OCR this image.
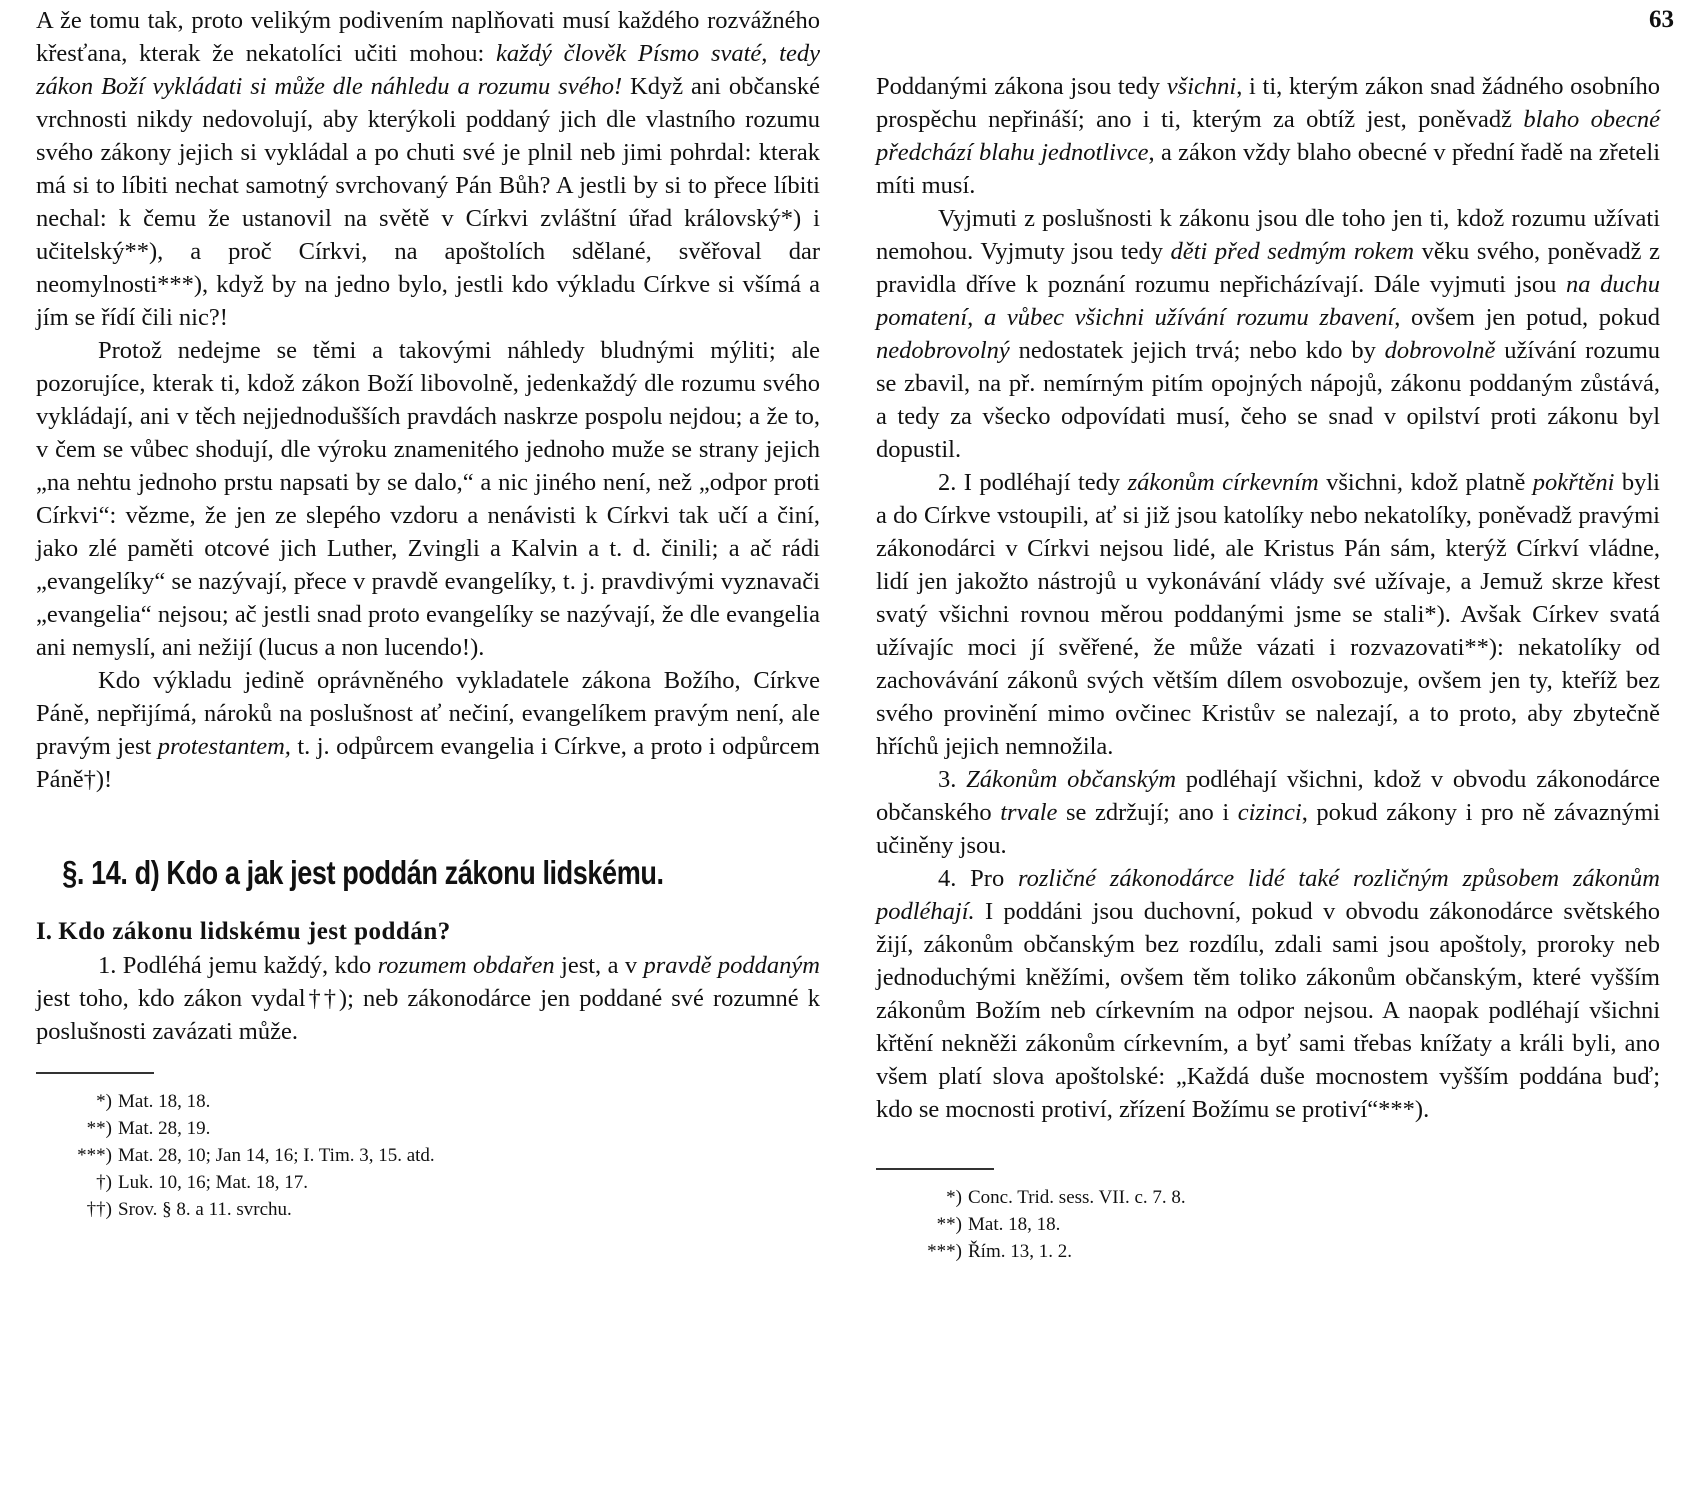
A že tomu tak, proto velikým podivením naplňovati musí každého rozvážného křesťana, kterak že nekatolíci učiti mohou: každý člověk Písmo svaté, tedy zákon Boží vykládati si může dle náhledu a rozumu svého! Když ani občanské vrchnosti nikdy nedovolují, aby kterýkoli poddaný jich dle vlastního rozumu svého zákony jejich si vykládal a po chuti své je plnil neb jimi pohrdal: kterak má si to líbiti nechat samotný svrchovaný Pán Bůh? A jestli by si to přece líbiti nechal: k čemu že ustanovil na světě v Církvi zvláštní úřad královský*) i učitelský**), a proč Církvi, na apoštolích sdělané, svěřoval dar neomylnosti***), když by na jedno bylo, jestli kdo výkladu Církve si všímá a jím se řídí čili nic?!

Protož nedejme se těmi a takovými náhledy bludnými mýliti; ale pozorujíce, kterak ti, kdož zákon Boží libovolně, jedenkaždý dle rozumu svého vykládají, ani v těch nejjednodušších pravdách naskrze pospolu nejdou; a že to, v čem se vůbec shodují, dle výroku znamenitého jednoho muže se strany jejich „na nehtu jednoho prstu napsati by se dalo,“ a nic jiného není, než „odpor proti Církvi“: vězme, že jen ze slepého vzdoru a nenávisti k Církvi tak učí a činí, jako zlé paměti otcové jich Luther, Zvingli a Kalvin a t. d. činili; a ač rádi „evangelíky“ se nazývají, přece v pravdě evangelíky, t. j. pravdivými vyznavači „evangelia“ nejsou; ač jestli snad proto evangelíky se nazývají, že dle evangelia ani nemyslí, ani nežijí (lucus a non lucendo!).

Kdo výkladu jedině oprávněného vykladatele zákona Božího, Církve Páně, nepřijímá, nároků na poslušnost ať nečiní, evangelíkem pravým není, ale pravým jest protestantem, t. j. odpůrcem evangelia i Církve, a proto i odpůrcem Páně†)!

§. 14. d) Kdo a jak jest poddán zákonu lidskému.

I. Kdo zákonu lidskému jest poddán?

1. Podléhá jemu každý, kdo rozumem obdařen jest, a v pravdě poddaným jest toho, kdo zákon vydal††); neb zákonodárce jen poddané své rozumné k poslušnosti zavázati může.

*) Mat. 18, 18.
**) Mat. 28, 19.
***) Mat. 28, 10; Jan 14, 16; I. Tim. 3, 15. atd.
†) Luk. 10, 16; Mat. 18, 17.
††) Srov. § 8. a 11. svrchu.
63

Poddanými zákona jsou tedy všichni, i ti, kterým zákon snad žádného osobního prospěchu nepřináší; ano i ti, kterým za obtíž jest, poněvadž blaho obecné předchází blahu jednotlivce, a zákon vždy blaho obecné v přední řadě na zřeteli míti musí.

Vyjmuti z poslušnosti k zákonu jsou dle toho jen ti, kdož rozumu užívati nemohou. Vyjmuty jsou tedy děti před sedmým rokem věku svého, poněvadž z pravidla dříve k poznání rozumu nepřicházívají. Dále vyjmuti jsou na duchu pomatení, a vůbec všichni užívání rozumu zbavení, ovšem jen potud, pokud nedobrovolný nedostatek jejich trvá; nebo kdo by dobrovolně užívání rozumu se zbavil, na př. nemírným pitím opojných nápojů, zákonu poddaným zůstává, a tedy za všecko odpovídati musí, čeho se snad v opilství proti zákonu byl dopustil.

2. I podléhají tedy zákonům církevním všichni, kdož platně pokřtěni byli a do Církve vstoupili, ať si již jsou katolíky nebo nekatolíky, poněvadž pravými zákonodárci v Církvi nejsou lidé, ale Kristus Pán sám, kterýž Církví vládne, lidí jen jakožto nástrojů u vykonávání vlády své užívaje, a Jemuž skrze křest svatý všichni rovnou měrou poddanými jsme se stali*). Avšak Církev svatá užívajíc moci jí svěřené, že může vázati i rozvazovati**): nekatolíky od zachovávání zákonů svých větším dílem osvobozuje, ovšem jen ty, kteříž bez svého provinění mimo ovčinec Kristův se nalezají, a to proto, aby zbytečně hříchů jejich nemnožila.

3. Zákonům občanským podléhají všichni, kdož v obvodu zákonodárce občanského trvale se zdržují; ano i cizinci, pokud zákony i pro ně závaznými učiněny jsou.

4. Pro rozličné zákonodárce lidé také rozličným způsobem zákonům podléhají. I poddáni jsou duchovní, pokud v obvodu zákonodárce světského žijí, zákonům občanským bez rozdílu, zdali sami jsou apoštoly, proroky neb jednoduchými kněžími, ovšem těm toliko zákonům občanským, které vyšším zákonům Božím neb církevním na odpor nejsou. A naopak podléhají všichni křtění nekněži zákonům církevním, a byť sami třebas knížaty a králi byli, ano všem platí slova apoštolské: „Každá duše mocnostem vyšším poddána buď; kdo se mocnosti protiví, zřízení Božímu se protiví“***).

*) Conc. Trid. sess. VII. c. 7. 8.
**) Mat. 18, 18.
***) Řím. 13, 1. 2.
